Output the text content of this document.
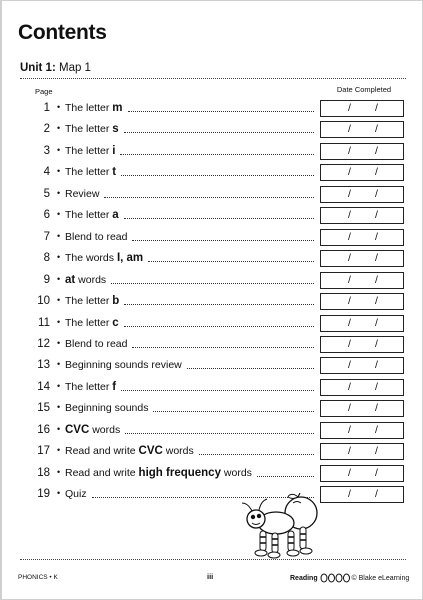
Contents
Unit 1: Map 1
Page	Date Completed
1 • The letter m	/ /
2 • The letter s	/ /
3 • The letter i	/ /
4 • The letter t	/ /
5 • Review	/ /
6 • The letter a	/ /
7 • Blend to read	/ /
8 • The words I, am	/ /
9 • at words	/ /
10 • The letter b	/ /
11 • The letter c	/ /
12 • Blend to read	/ /
13 • Beginning sounds review	/ /
14 • The letter f	/ /
15 • Beginning sounds	/ /
16 • CVC words	/ /
17 • Read and write CVC words	/ /
18 • Read and write high frequency words	/ /
19 • Quiz	/ /
PHONICS • K	iii	Reading	© Blake eLearning
